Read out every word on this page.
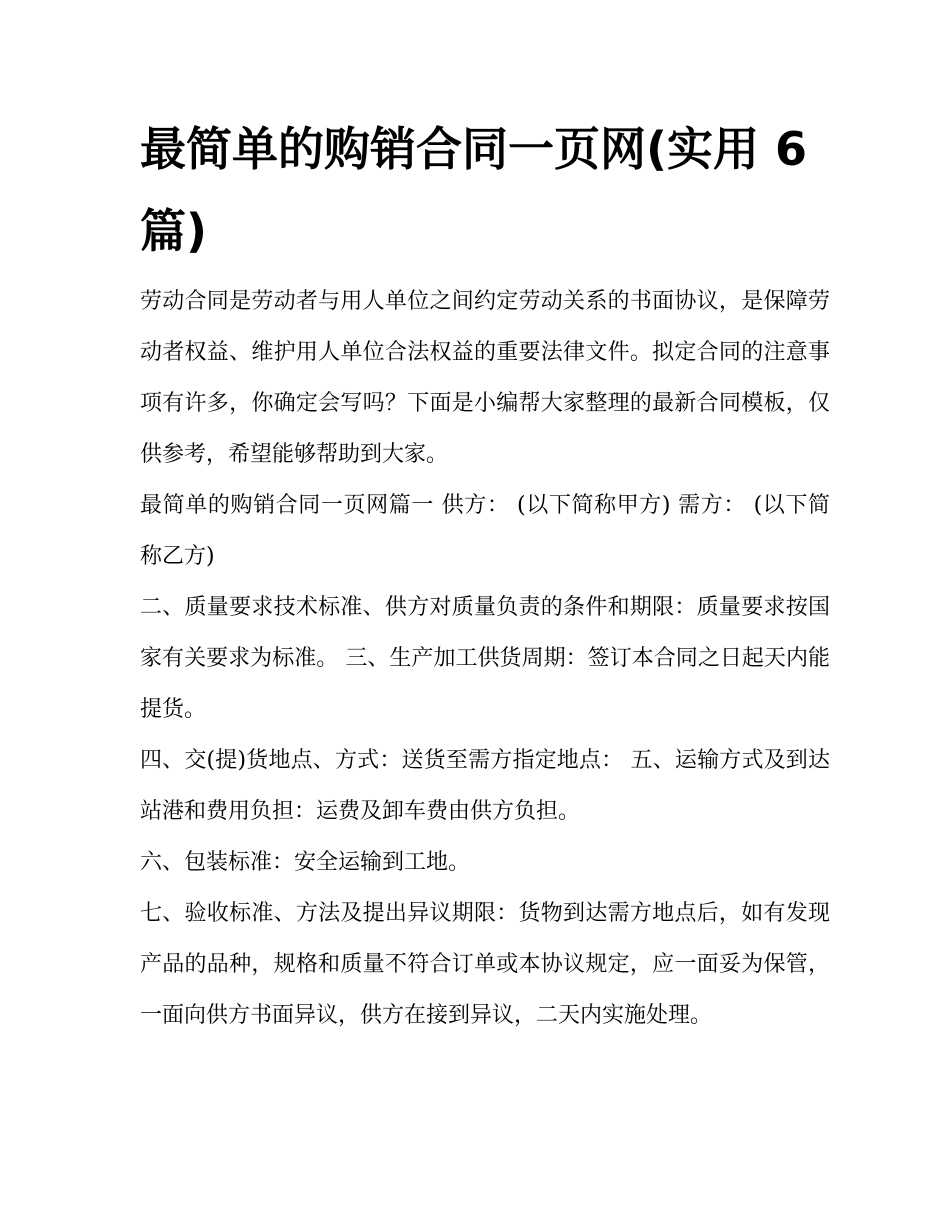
最简单的购销合同一页网(实用 6 篇)

劳动合同是劳动者与用人单位之间约定劳动关系的书面协议，是保障劳动者权益、维护用人单位合法权益的重要法律文件。拟定合同的注意事项有许多，你确定会写吗？下面是小编帮大家整理的最新合同模板，仅供参考，希望能够帮助到大家。

最简单的购销合同一页网篇一 供方： (以下简称甲方) 需方： (以下简称乙方)

二、质量要求技术标准、供方对质量负责的条件和期限：质量要求按国家有关要求为标准。 三、生产加工供货周期：签订本合同之日起天内能提货。

四、交(提)货地点、方式：送货至需方指定地点： 五、运输方式及到达站港和费用负担：运费及卸车费由供方负担。

六、包装标准：安全运输到工地。

七、验收标准、方法及提出异议期限：货物到达需方地点后，如有发现产品的品种，规格和质量不符合订单或本协议规定，应一面妥为保管，一面向供方书面异议，供方在接到异议，二天内实施处理。
